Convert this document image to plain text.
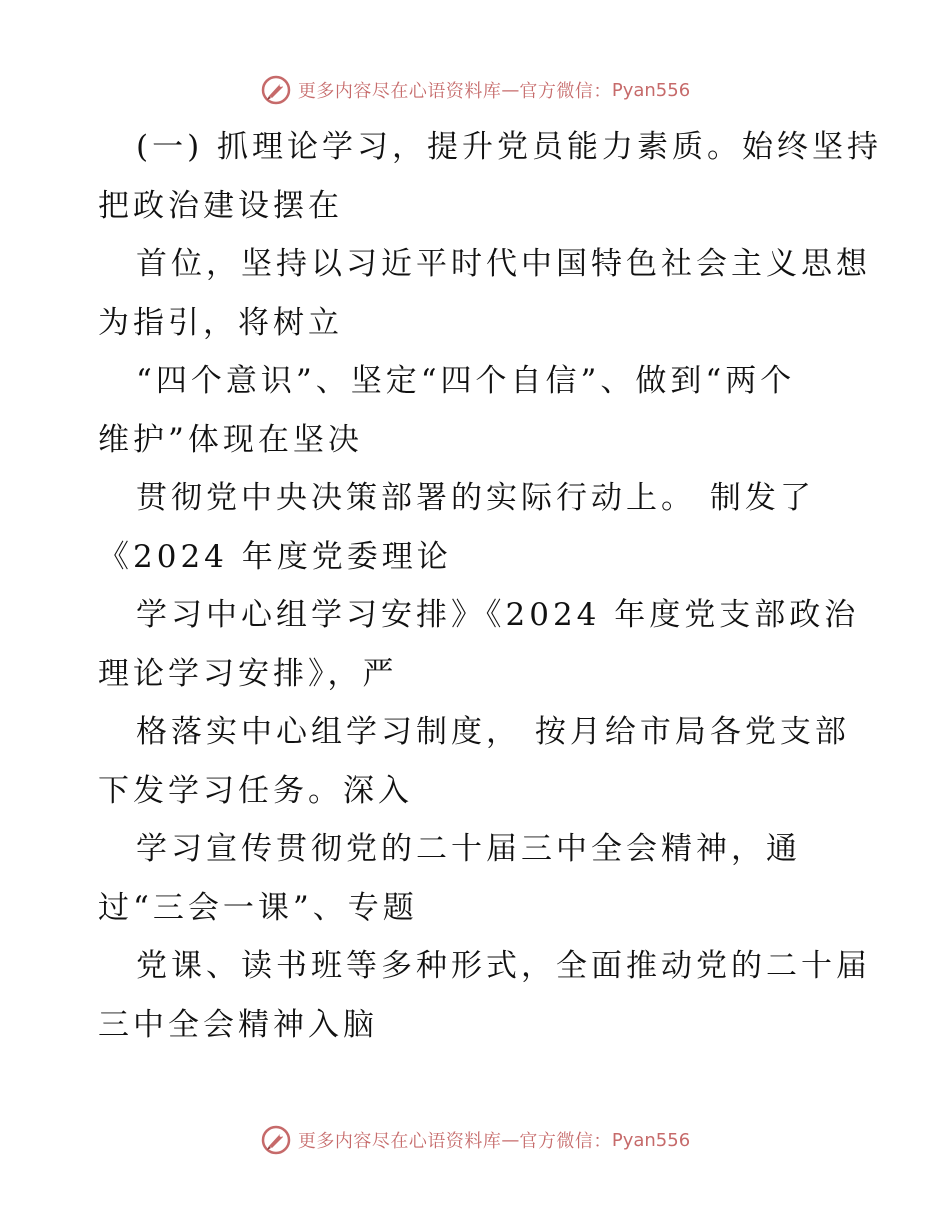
更多内容尽在心语资料库 — 官方微信： Pyan556
(一) 抓理论学习，提升党员能力素质。始终坚持
把政治建设摆在
首位，坚持以习近平时代中国特色社会主义思想
为指引，将树立
“四个意识”、坚定“四个自信”、做到“两个
维护”体现在坚决
贯彻党中央决策部署的实际行动上。 制发了
《2024 年度党委理论
学习中心组学习安排》《2024 年度党支部政治
理论学习安排》，严
格落实中心组学习制度， 按月给市局各党支部
下发学习任务。深入
学习宣传贯彻党的二十届三中全会精神，通
过“三会一课”、专题
党课、读书班等多种形式，全面推动党的二十届
三中全会精神入脑
更多内容尽在心语资料库 — 官方微信： Pyan556
